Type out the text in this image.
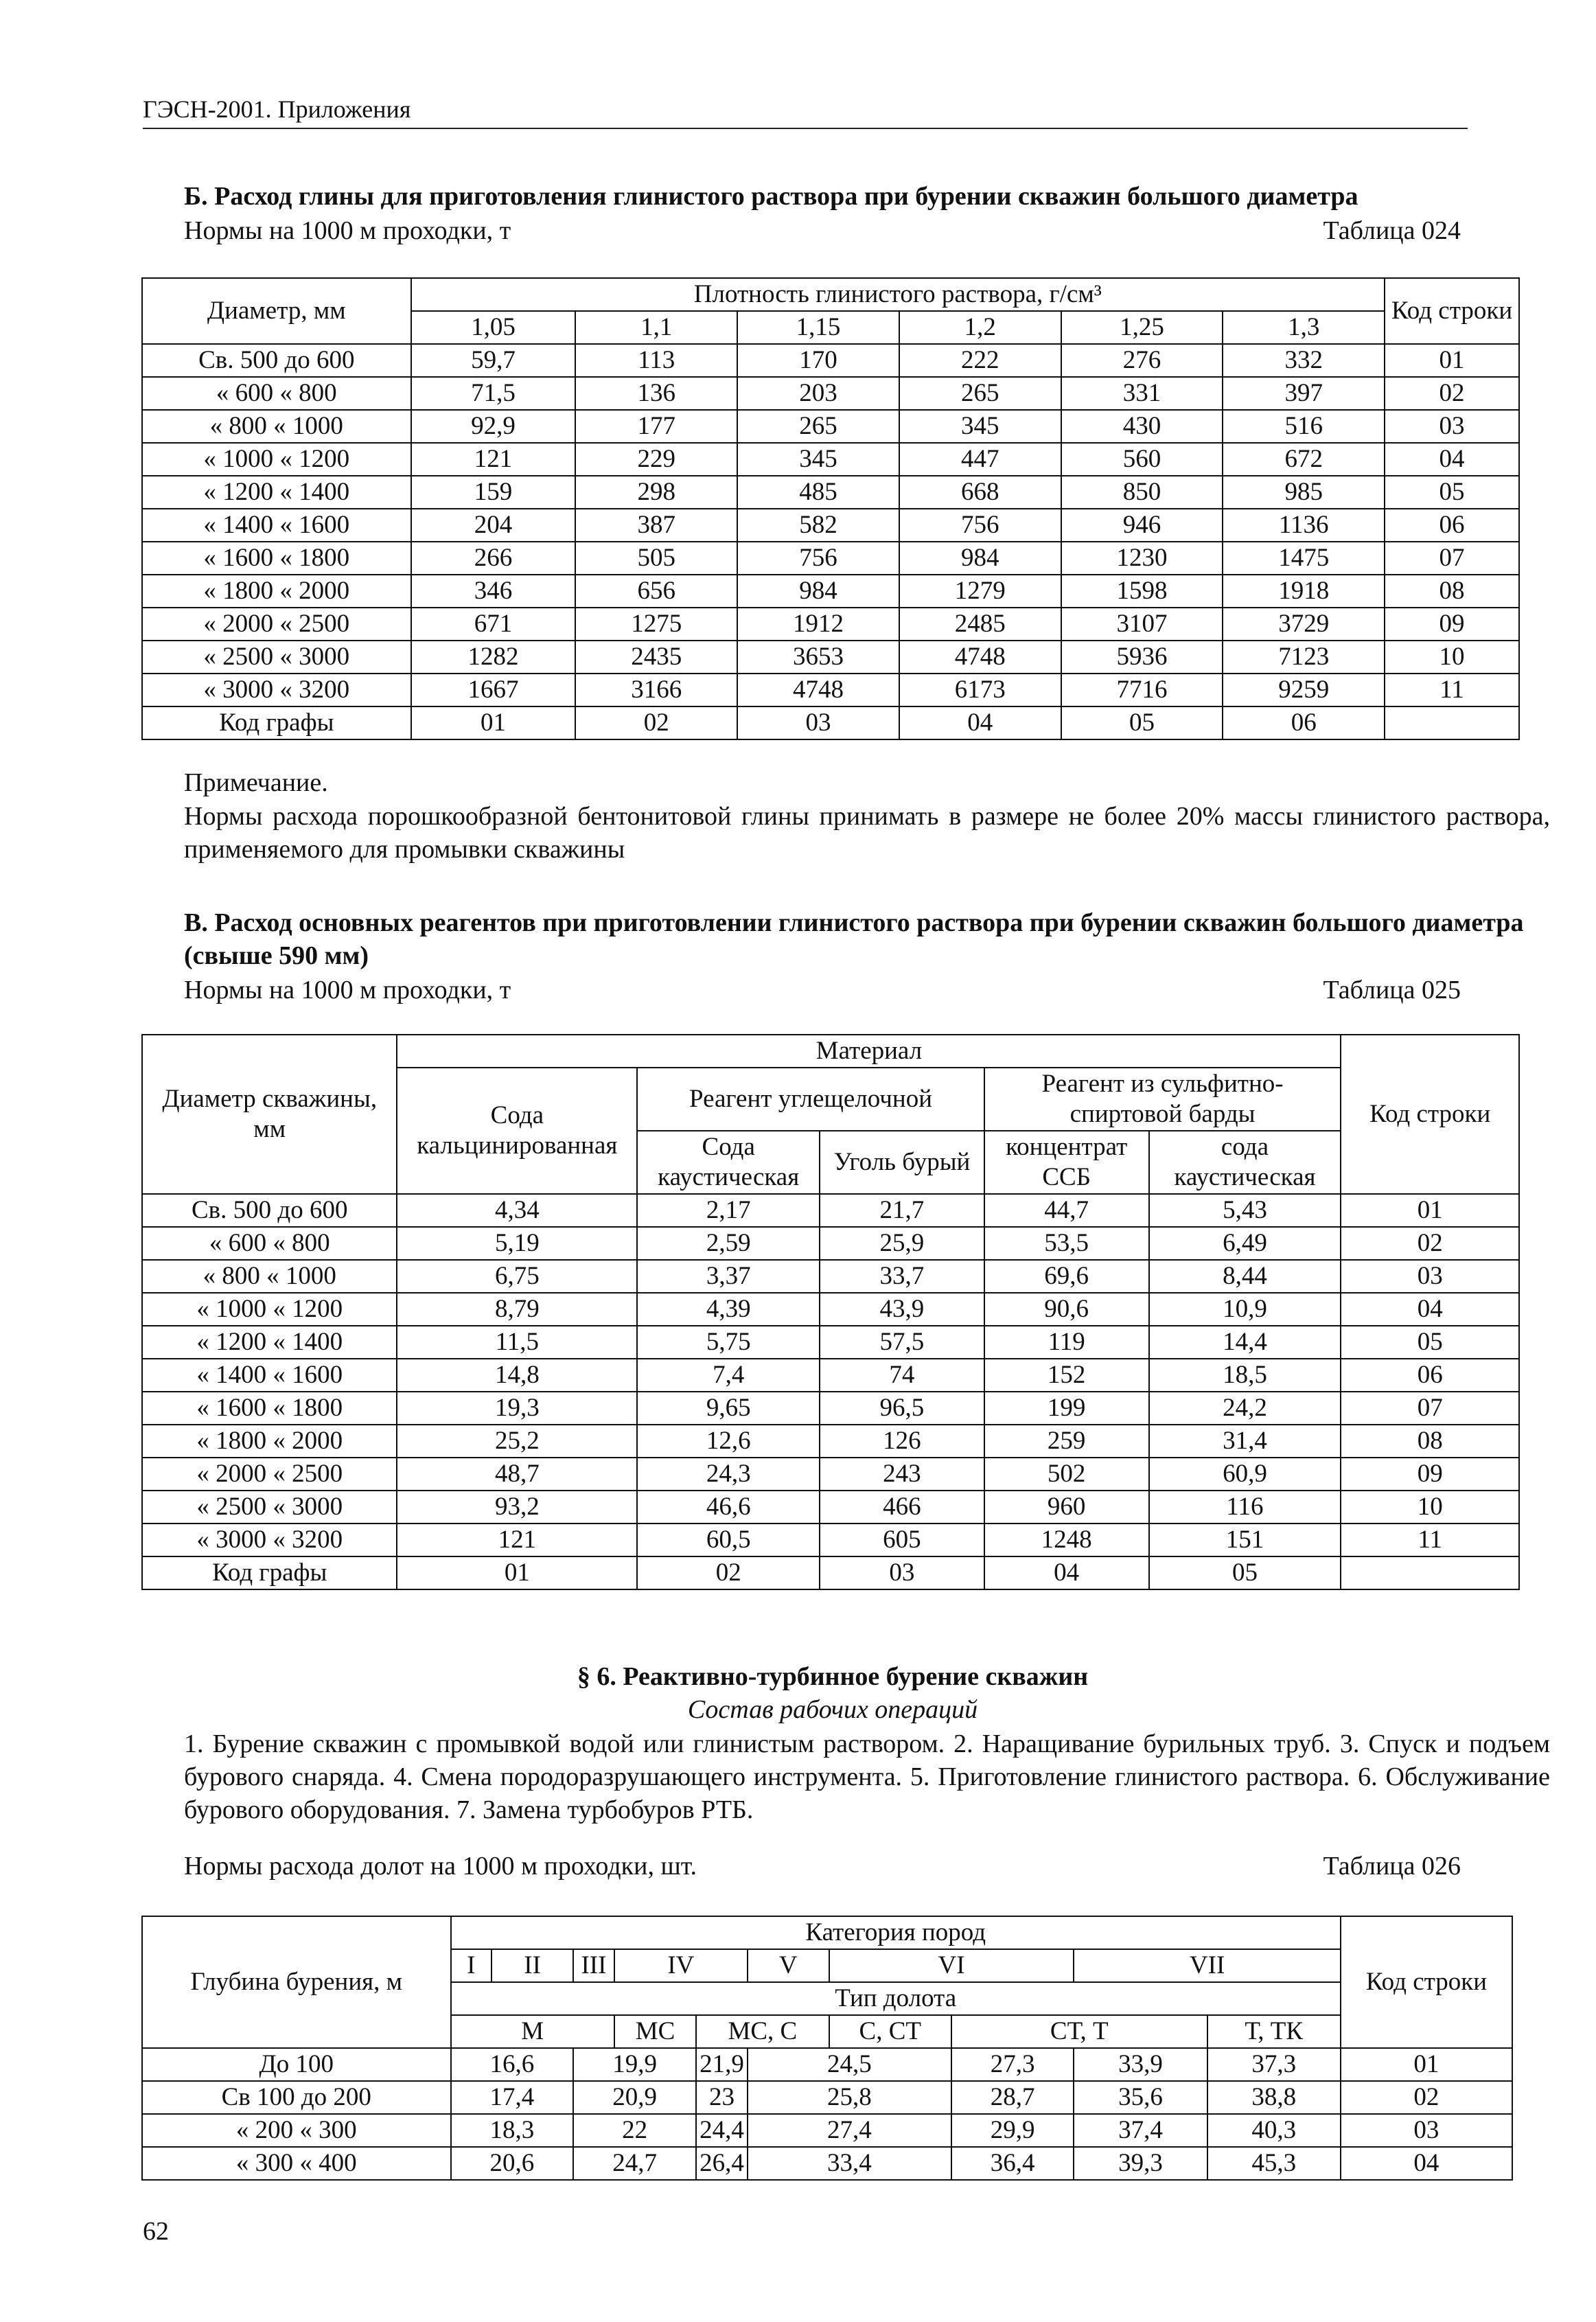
ГЭСН-2001. Приложения
Б. Расход глины для приготовления глинистого раствора при бурении скважин большого диаметра
Нормы на 1000 м проходки, т	Таблица 024
Диаметр, мм	Плотность глинистого раствора, г/см³						Код строки
	1,05	1,1	1,15	1,2	1,25	1,3	
Св. 500 до 600	59,7	113	170	222	276	332	01
« 600 « 800	71,5	136	203	265	331	397	02
« 800 « 1000	92,9	177	265	345	430	516	03
« 1000 « 1200	121	229	345	447	560	672	04
« 1200 « 1400	159	298	485	668	850	985	05
« 1400 « 1600	204	387	582	756	946	1136	06
« 1600 « 1800	266	505	756	984	1230	1475	07
« 1800 « 2000	346	656	984	1279	1598	1918	08
« 2000 « 2500	671	1275	1912	2485	3107	3729	09
« 2500 « 3000	1282	2435	3653	4748	5936	7123	10
« 3000 « 3200	1667	3166	4748	6173	7716	9259	11
Код графы	01	02	03	04	05	06	
Примечание.
Нормы расхода порошкообразной бентонитовой глины принимать в размере не более 20% массы глинистого раствора, применяемого для промывки скважины
В. Расход основных реагентов при приготовлении глинистого раствора при бурении скважин большого диаметра (свыше 590 мм)
Нормы на 1000 м проходки, т	Таблица 025
Диаметр скважины, мм	Материал					Код строки
	Сода кальцинированная	Реагент углещелочной		Реагент из сульфитно-спиртовой барды		
		Сода каустическая	Уголь бурый	концентрат ССБ	сода каустическая	
Св. 500 до 600	4,34	2,17	21,7	44,7	5,43	01
« 600 « 800	5,19	2,59	25,9	53,5	6,49	02
« 800 « 1000	6,75	3,37	33,7	69,6	8,44	03
« 1000 « 1200	8,79	4,39	43,9	90,6	10,9	04
« 1200 « 1400	11,5	5,75	57,5	119	14,4	05
« 1400 « 1600	14,8	7,4	74	152	18,5	06
« 1600 « 1800	19,3	9,65	96,5	199	24,2	07
« 1800 « 2000	25,2	12,6	126	259	31,4	08
« 2000 « 2500	48,7	24,3	243	502	60,9	09
« 2500 « 3000	93,2	46,6	466	960	116	10
« 3000 « 3200	121	60,5	605	1248	151	11
Код графы	01	02	03	04	05	
§ 6. Реактивно-турбинное бурение скважин
Состав рабочих операций
1. Бурение скважин с промывкой водой или глинистым раствором. 2. Наращивание бурильных труб. 3. Спуск и подъем бурового снаряда. 4. Смена породоразрушающего инструмента. 5. Приготовление глинистого раствора. 6. Обслуживание бурового оборудования. 7. Замена турбобуров РТБ.
Нормы расхода долот на 1000 м проходки, шт.	Таблица 026
Глубина бурения, м	Категория пород										Код строки
	I	II	III	IV		V	VI		VII		
	Тип долота										
	М			МС	МС, С		С, СТ	СТ, Т		Т, ТК	
До 100	16,6		19,9		21,9	24,5		27,3	33,9	37,3	01
Св 100 до 200	17,4		20,9		23	25,8		28,7	35,6	38,8	02
« 200 « 300	18,3		22		24,4	27,4		29,9	37,4	40,3	03
« 300 « 400	20,6		24,7		26,4	33,4		36,4	39,3	45,3	04
62
